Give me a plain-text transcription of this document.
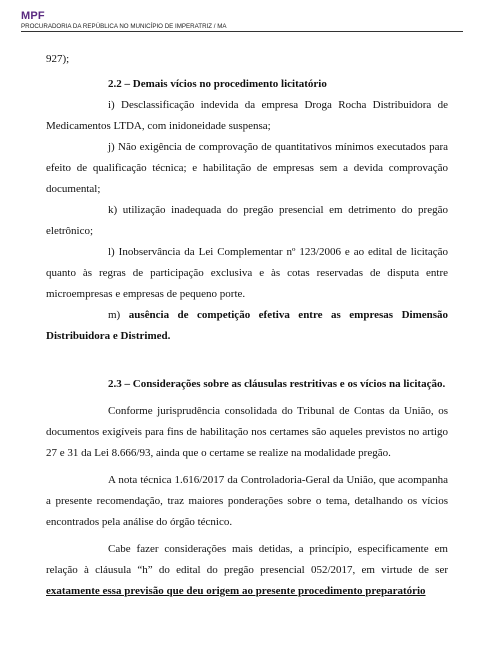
MPF
PROCURADORIA DA REPÚBLICA NO MUNICÍPIO DE IMPERATRIZ / MA

927);

2.2 – Demais vícios no procedimento licitatório

i) Desclassificação indevida da empresa Droga Rocha Distribuidora de Medicamentos LTDA, com inidoneidade suspensa;

j) Não exigência de comprovação de quantitativos mínimos executados para efeito de qualificação técnica; e habilitação de empresas sem a devida comprovação documental;

k) utilização inadequada do pregão presencial em detrimento do pregão eletrônico;

l) Inobservância da Lei Complementar nº 123/2006 e ao edital de licitação quanto às regras de participação exclusiva e às cotas reservadas de disputa entre microempresas e empresas de pequeno porte.

m) ausência de competição efetiva entre as empresas Dimensão Distribuidora e Distrimed.

2.3 – Considerações sobre as cláusulas restritivas e os vícios na licitação.

Conforme jurisprudência consolidada do Tribunal de Contas da União, os documentos exigíveis para fins de habilitação nos certames são aqueles previstos no artigo 27 e 31 da Lei 8.666/93, ainda que o certame se realize na modalidade pregão.

A nota técnica 1.616/2017 da Controladoria-Geral da União, que acompanha a presente recomendação, traz maiores ponderações sobre o tema, detalhando os vícios encontrados pela análise do órgão técnico.

Cabe fazer considerações mais detidas, a princípio, especificamente em relação à cláusula “h” do edital do pregão presencial 052/2017, em virtude de ser exatamente essa previsão que deu origem ao presente procedimento preparatório
